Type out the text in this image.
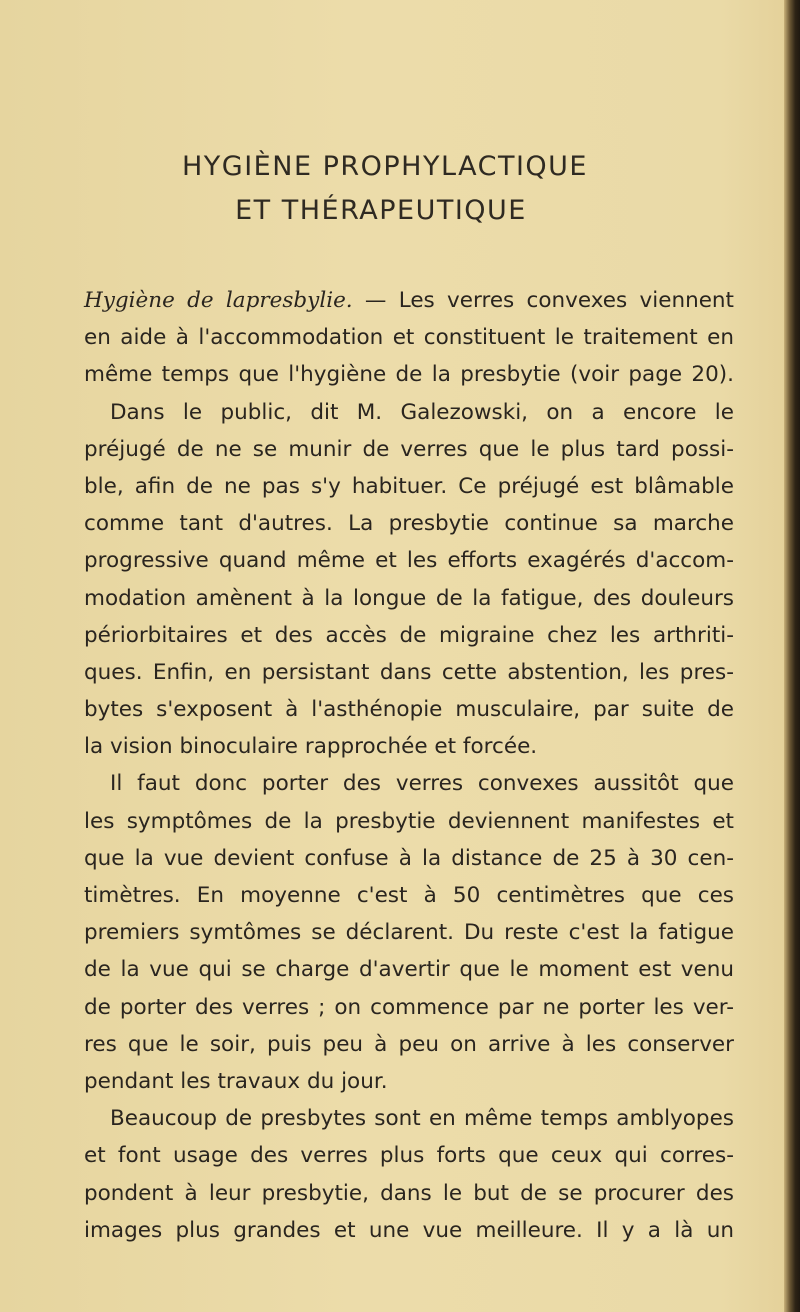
HYGIÈNE PROPHYLACTIQUE
ET THÉRAPEUTIQUE
Hygiène de lapresbylie. — Les verres convexes viennent
en aide à l'accommodation et constituent le traitement en
même temps que l'hygiène de la presbytie (voir page 20).
Dans le public, dit M. Galezowski, on a encore le
préjugé de ne se munir de verres que le plus tard possi-
ble, afin de ne pas s'y habituer. Ce préjugé est blâmable
comme tant d'autres. La presbytie continue sa marche
progressive quand même et les efforts exagérés d'accom-
modation amènent à la longue de la fatigue, des douleurs
périorbitaires et des accès de migraine chez les arthriti-
ques. Enfin, en persistant dans cette abstention, les pres-
bytes s'exposent à l'asthénopie musculaire, par suite de
la vision binoculaire rapprochée et forcée.
Il faut donc porter des verres convexes aussitôt que
les symptômes de la presbytie deviennent manifestes et
que la vue devient confuse à la distance de 25 à 30 cen-
timètres. En moyenne c'est à 50 centimètres que ces
premiers symtômes se déclarent. Du reste c'est la fatigue
de la vue qui se charge d'avertir que le moment est venu
de porter des verres ; on commence par ne porter les ver-
res que le soir, puis peu à peu on arrive à les conserver
pendant les travaux du jour.
Beaucoup de presbytes sont en même temps amblyopes
et font usage des verres plus forts que ceux qui corres-
pondent à leur presbytie, dans le but de se procurer des
images plus grandes et une vue meilleure. Il y a là un
